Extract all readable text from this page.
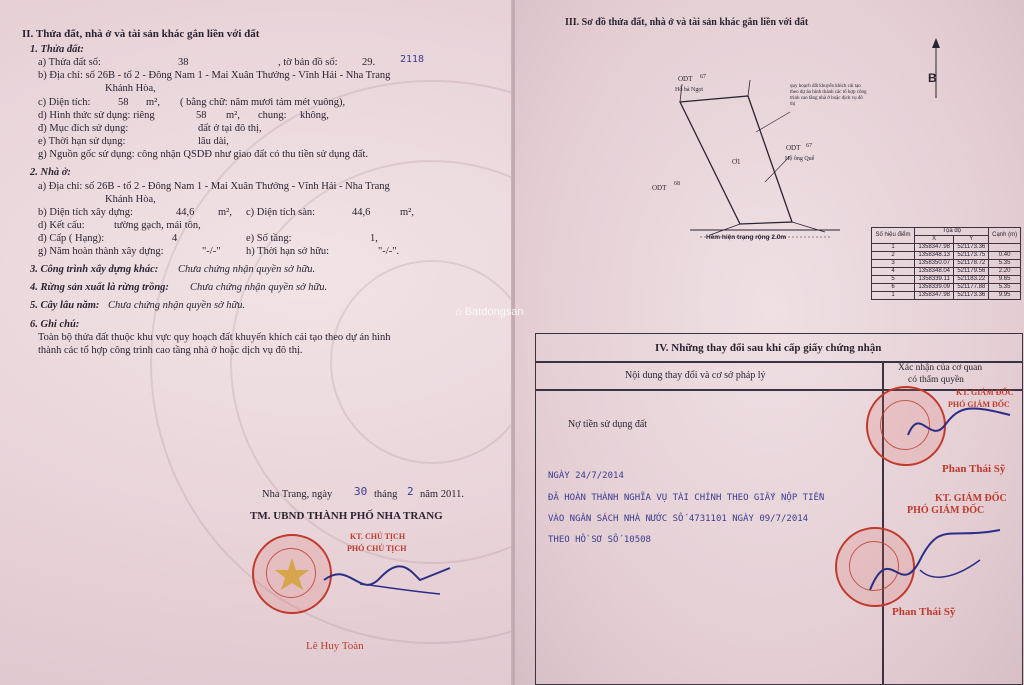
II. Thửa đất, nhà ở và tài sản khác gắn liền với đất
1. Thửa đất:
a) Thửa đất số:	38	, tờ bản đồ số: 29. 2118
b) Địa chỉ: số 26B - tổ 2 - Đông Nam 1 - Mai Xuân Thưởng - Vĩnh Hải - Nha Trang
Khánh Hòa,
c) Diện tích:	58 m², ( bằng chữ: năm mươi tám mét vuông),
d) Hình thức sử dụng: riêng	58 m², chung: không,
đ) Mục đích sử dụng:	đất ở tại đô thị,
e) Thời hạn sử dụng:	lâu dài,
g) Nguồn gốc sử dụng: công nhận QSDĐ như giao đất có thu tiền sử dụng đất.
2. Nhà ở:
a) Địa chỉ: số 26B - tổ 2 - Đông Nam 1 - Mai Xuân Thưởng - Vĩnh Hải - Nha Trang
Khánh Hòa,
b) Diện tích xây dựng:	44,6 m², c) Diện tích sàn:	44,6	m²,
d) Kết cấu:	tường gạch, mái tôn,
đ) Cấp ( Hạng):	4	e) Số tầng:	1,
g) Năm hoàn thành xây dựng:	"-/-" h) Thời hạn sở hữu:	"-/-".
3. Công trình xây dựng khác: Chưa chứng nhận quyền sở hữu.
4. Rừng sản xuất là rừng trồng: Chưa chứng nhận quyền sở hữu.
5. Cây lâu năm: Chưa chứng nhận quyền sở hữu.
6. Ghi chú:
Toàn bộ thửa đất thuộc khu vực quy hoạch đất khuyến khích cải tạo theo dự án hình
thành các tổ hợp công trình cao tầng nhà ở hoặc dịch vụ đô thị.
Nha Trang, ngày 30 tháng 2 năm 2011.
TM. UBND THÀNH PHỐ NHA TRANG
KT. CHỦ TỊCH
PHÓ CHỦ TỊCH
Lê Huy Toàn
III. Sơ đồ thửa đất, nhà ở và tài sản khác gắn liền với đất
B
ODT 67
Hộ bà Ngọt
ODT 67
Hộ ông Quế
ODT 68
Ơ1
Hẻm hiện trạng rộng 2.0m
quy hoạch đất khuyến khích cải tạo theo dự án hình thành các tổ hợp công trình cao tầng nhà ở hoặc dịch vụ đô thị
Số hiệu điểm	Tọa độ		Cạnh (m)
	X	Y	
1	1358347.98	521173.36	
2	1358348.13	521173.75	0.40
3	1358350.07	521178.72	5.35
4	1358348.04	521179.56	2.20
5	1358339.11	521183.22	9.65
6	1358339.09	521177.88	5.35
1	1358347.98	521173.36	9.95
⌂ Batdongsan
IV. Những thay đổi sau khi cấp giấy chứng nhận
Nội dung thay đổi và cơ sở pháp lý
Xác nhận của cơ quan
có thẩm quyền
Nợ tiền sử dụng đất
NGÀY 24/7/2014
ĐÃ HOÀN THÀNH NGHĨA VỤ TÀI CHÍNH THEO GIẤY NỘP TIỀN
VÀO NGÂN SÁCH NHÀ NƯỚC SỐ 4731101 NGÀY 09/7/2014
THEO HỒ SƠ SỐ 10508
KT. GIÁM ĐỐC
PHÓ GIÁM ĐỐC
Phan Thái Sỹ
KT. GIÁM ĐỐC
PHÓ GIÁM ĐỐC
Phan Thái Sỹ
